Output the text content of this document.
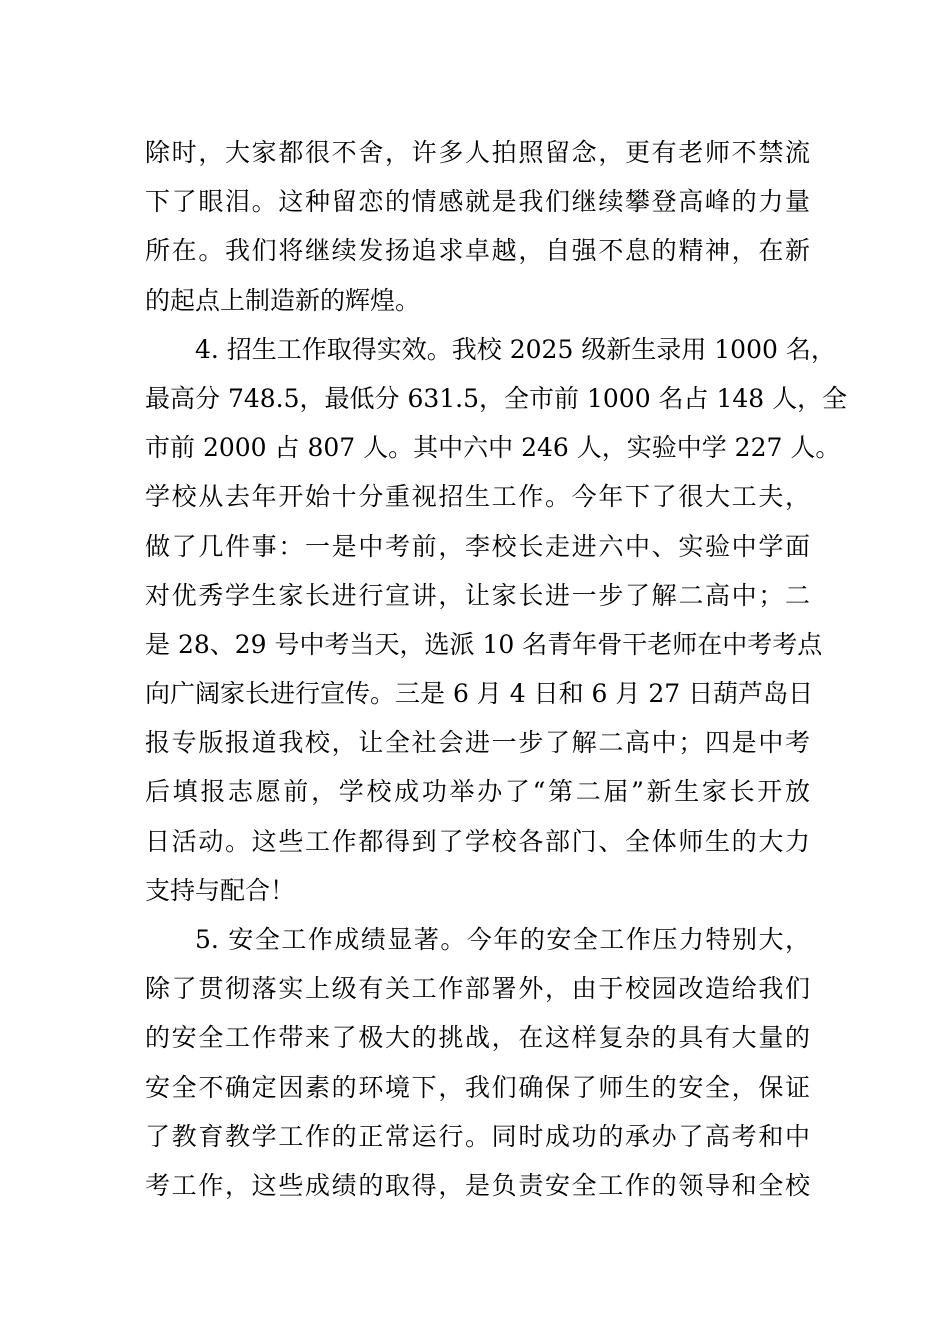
除时，大家都很不舍，许多人拍照留念，更有老师不禁流
下了眼泪。这种留恋的情感就是我们继续攀登高峰的力量
所在。我们将继续发扬追求卓越，自强不息的精神，在新
的起点上制造新的辉煌。
4. 招生工作取得实效。我校 2025 级新生录用 1000 名，
最高分 748.5，最低分 631.5，全市前 1000 名占 148 人，全
市前 2000 占 807 人。其中六中 246 人，实验中学 227 人。
学校从去年开始十分重视招生工作。今年下了很大工夫，
做了几件事：一是中考前，李校长走进六中、实验中学面
对优秀学生家长进行宣讲，让家长进一步了解二高中；二
是 28、29 号中考当天，选派 10 名青年骨干老师在中考考点
向广阔家长进行宣传。三是 6 月 4 日和 6 月 27 日葫芦岛日
报专版报道我校，让全社会进一步了解二高中；四是中考
后填报志愿前，学校成功举办了“第二届”新生家长开放
日活动。这些工作都得到了学校各部门、全体师生的大力
支持与配合！
5. 安全工作成绩显著。今年的安全工作压力特别大，
除了贯彻落实上级有关工作部署外，由于校园改造给我们
的安全工作带来了极大的挑战，在这样复杂的具有大量的
安全不确定因素的环境下，我们确保了师生的安全，保证
了教育教学工作的正常运行。同时成功的承办了高考和中
考工作，这些成绩的取得，是负责安全工作的领导和全校
